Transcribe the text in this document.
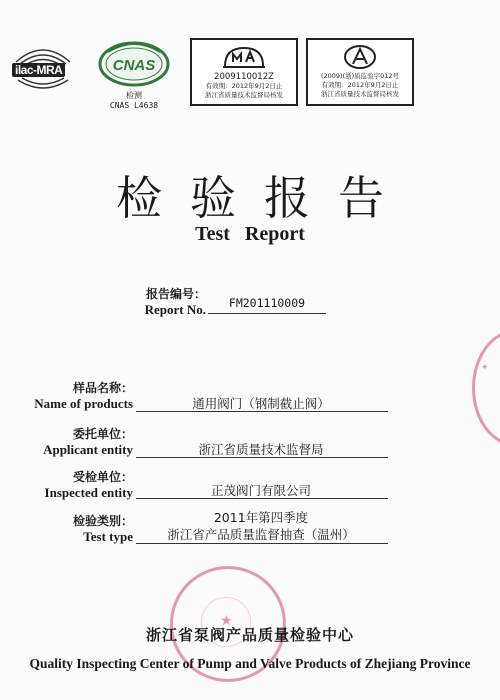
ilac-MRA	CNAS
检测
CNAS L4638
2009110012Z
有效期：2012年9月2日止
浙江省质量技术监督局核发
(2009)(浙)质监验字012号
有效期：2012年9月2日止
浙江省质量技术监督局核发
检验报告
Test Report
报告编号：
Report No.	FM201110009
样品名称：
Name of products	通用阀门（钢制截止阀）
委托单位：
Applicant entity	浙江省质量技术监督局
受检单位：
Inspected entity	正茂阀门有限公司
检验类别：
Test type
2011年第四季度
浙江省产品质量监督抽查（温州）
✦
★
浙江省泵阀产品质量检验中心
Quality Inspecting Center of Pump and Valve Products of Zhejiang Province
